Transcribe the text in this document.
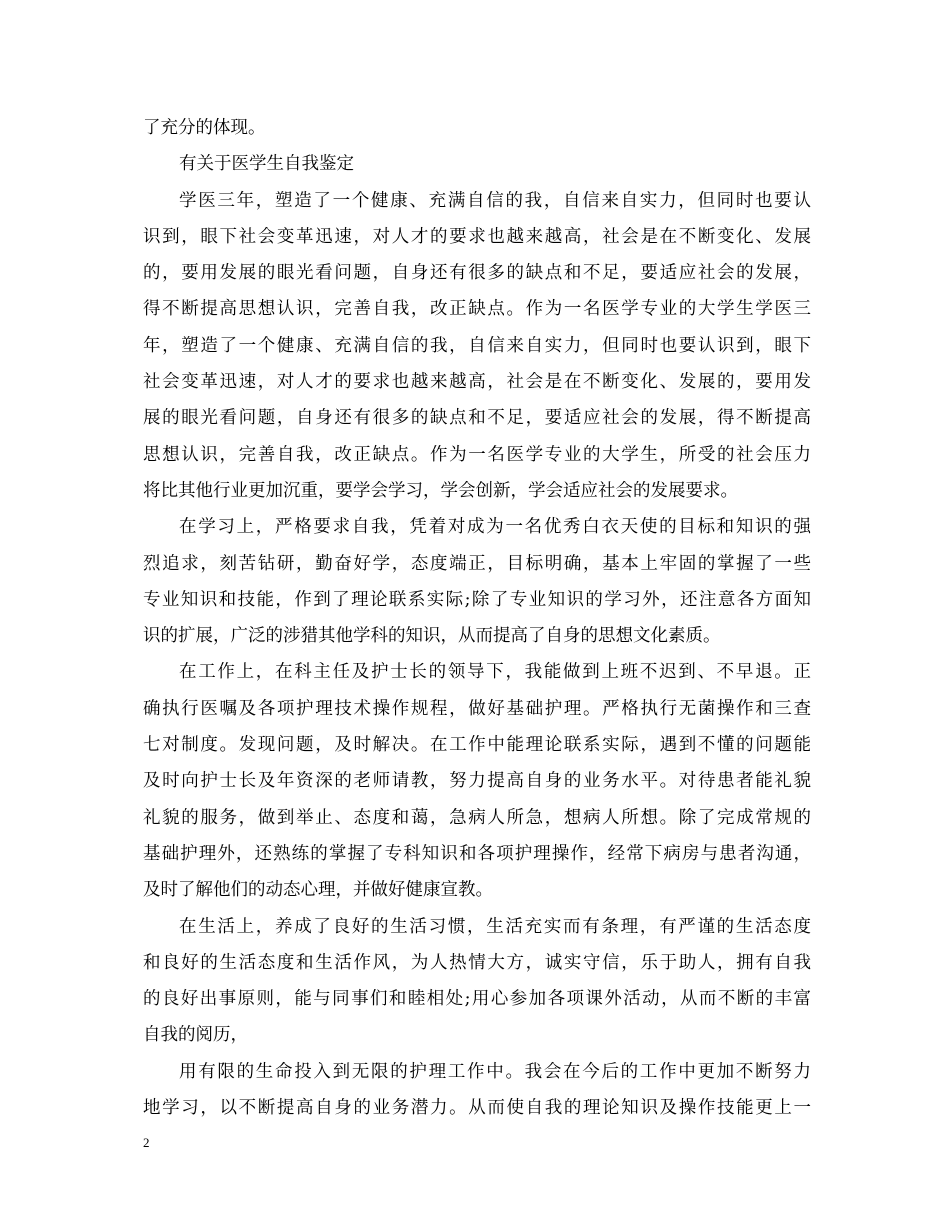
了充分的体现。
有关于医学生自我鉴定
学医三年，塑造了一个健康、充满自信的我，自信来自实力，但同时也要认
识到，眼下社会变革迅速，对人才的要求也越来越高，社会是在不断变化、发展
的，要用发展的眼光看问题，自身还有很多的缺点和不足，要适应社会的发展，
得不断提高思想认识，完善自我，改正缺点。作为一名医学专业的大学生学医三
年，塑造了一个健康、充满自信的我，自信来自实力，但同时也要认识到，眼下
社会变革迅速，对人才的要求也越来越高，社会是在不断变化、发展的，要用发
展的眼光看问题，自身还有很多的缺点和不足，要适应社会的发展，得不断提高
思想认识，完善自我，改正缺点。作为一名医学专业的大学生，所受的社会压力
将比其他行业更加沉重，要学会学习，学会创新，学会适应社会的发展要求。
在学习上，严格要求自我，凭着对成为一名优秀白衣天使的目标和知识的强
烈追求，刻苦钻研，勤奋好学，态度端正，目标明确，基本上牢固的掌握了一些
专业知识和技能，作到了理论联系实际;除了专业知识的学习外，还注意各方面知
识的扩展，广泛的涉猎其他学科的知识，从而提高了自身的思想文化素质。
在工作上，在科主任及护士长的领导下，我能做到上班不迟到、不早退。正
确执行医嘱及各项护理技术操作规程，做好基础护理。严格执行无菌操作和三查
七对制度。发现问题，及时解决。在工作中能理论联系实际，遇到不懂的问题能
及时向护士长及年资深的老师请教，努力提高自身的业务水平。对待患者能礼貌
礼貌的服务，做到举止、态度和蔼，急病人所急，想病人所想。除了完成常规的
基础护理外，还熟练的掌握了专科知识和各项护理操作，经常下病房与患者沟通，
及时了解他们的动态心理，并做好健康宣教。
在生活上，养成了良好的生活习惯，生活充实而有条理，有严谨的生活态度
和良好的生活态度和生活作风，为人热情大方，诚实守信，乐于助人，拥有自我
的良好出事原则，能与同事们和睦相处;用心参加各项课外活动，从而不断的丰富
自我的阅历，
用有限的生命投入到无限的护理工作中。我会在今后的工作中更加不断努力
地学习，以不断提高自身的业务潜力。从而使自我的理论知识及操作技能更上一
2
